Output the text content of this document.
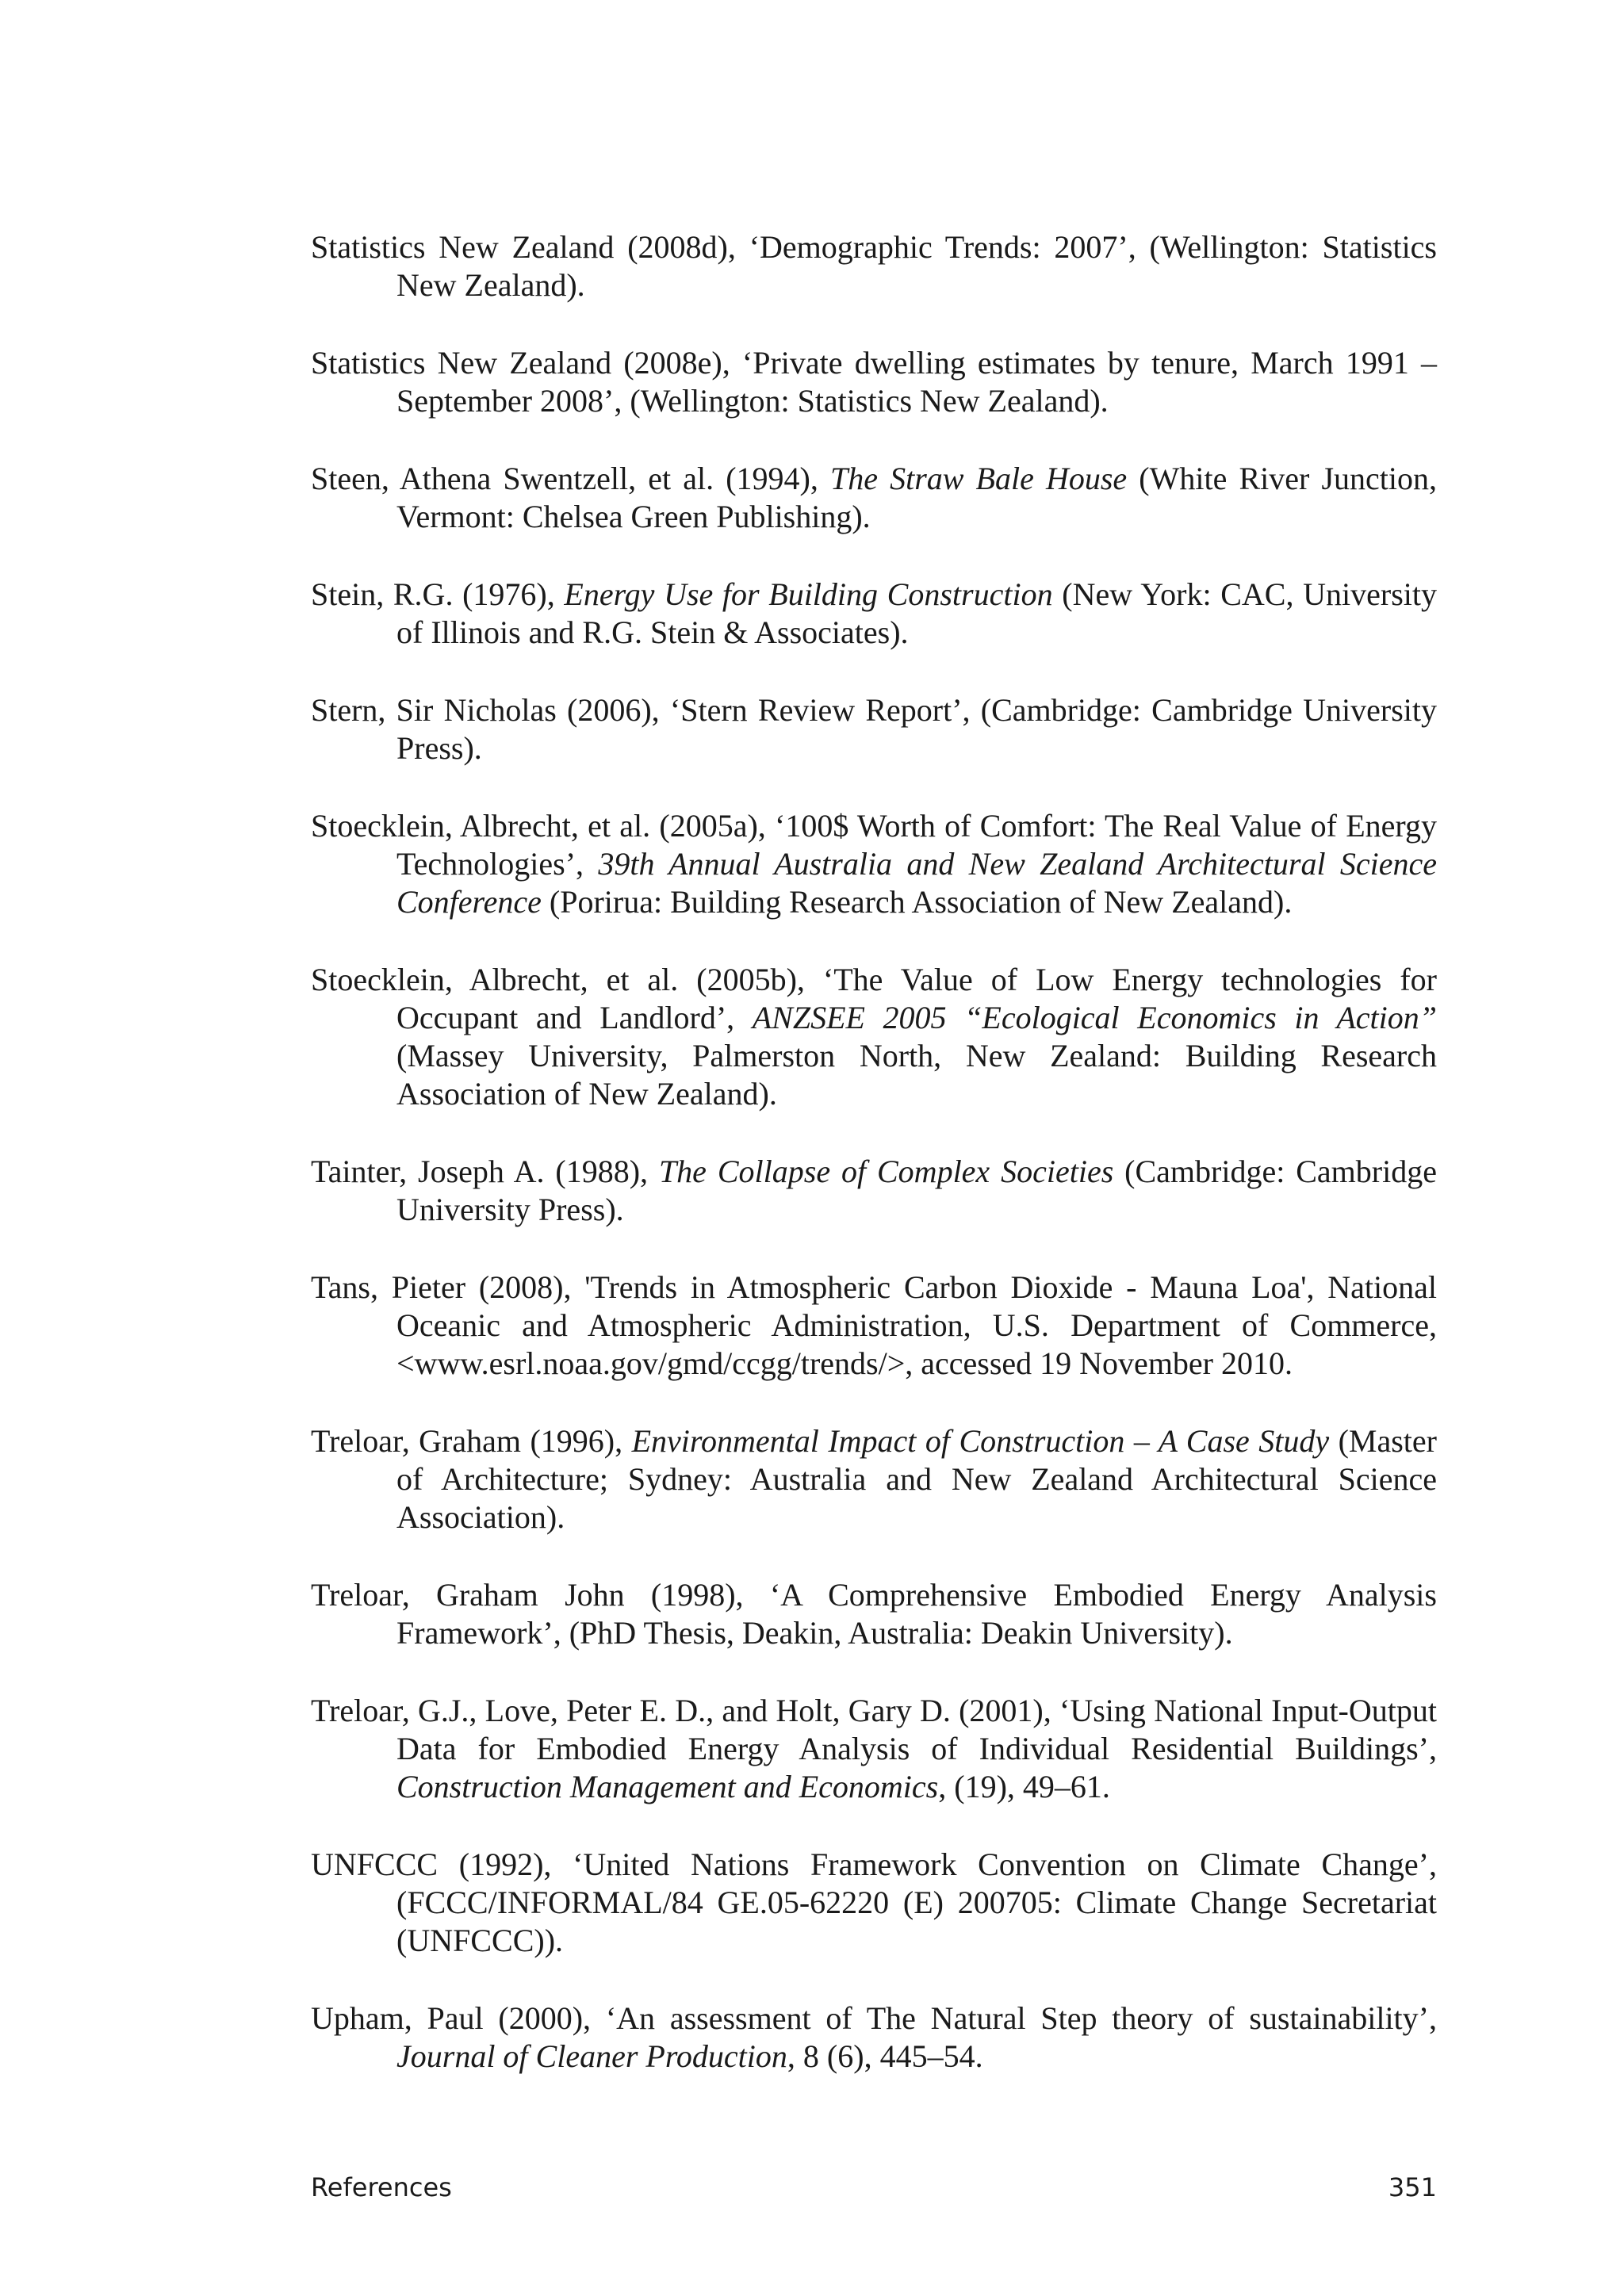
Statistics New Zealand (2008d), ‘Demographic Trends: 2007’, (Wellington: Statistics New Zealand).

Statistics New Zealand (2008e), ‘Private dwelling estimates by tenure, March 1991 – September 2008’, (Wellington: Statistics New Zealand).

Steen, Athena Swentzell, et al. (1994), The Straw Bale House (White River Junction, Vermont: Chelsea Green Publishing).

Stein, R.G. (1976), Energy Use for Building Construction (New York: CAC, University of Illinois and R.G. Stein & Associates).

Stern, Sir Nicholas (2006), ‘Stern Review Report’, (Cambridge: Cambridge University Press).

Stoecklein, Albrecht, et al. (2005a), ‘100$ Worth of Comfort: The Real Value of Energy Technologies’, 39th Annual Australia and New Zealand Architectural Science Conference (Porirua: Building Research Association of New Zealand).

Stoecklein, Albrecht, et al. (2005b), ‘The Value of Low Energy technologies for Occupant and Landlord’, ANZSEE 2005 “Ecological Economics in Action” (Massey University, Palmerston North, New Zealand: Building Research Association of New Zealand).

Tainter, Joseph A. (1988), The Collapse of Complex Societies (Cambridge: Cambridge University Press).

Tans, Pieter (2008), 'Trends in Atmospheric Carbon Dioxide - Mauna Loa', National Oceanic and Atmospheric Administration, U.S. Department of Commerce, <www.esrl.noaa.gov/gmd/ccgg/trends/>, accessed 19 November 2010.

Treloar, Graham (1996), Environmental Impact of Construction – A Case Study (Master of Architecture; Sydney: Australia and New Zealand Architectural Science Association).

Treloar, Graham John (1998), ‘A Comprehensive Embodied Energy Analysis Framework’, (PhD Thesis, Deakin, Australia: Deakin University).

Treloar, G.J., Love, Peter E. D., and Holt, Gary D. (2001), ‘Using National Input-Output Data for Embodied Energy Analysis of Individual Residential Buildings’, Construction Management and Economics, (19), 49–61.

UNFCCC (1992), ‘United Nations Framework Convention on Climate Change’, (FCCC/INFORMAL/84 GE.05-62220 (E) 200705: Climate Change Secretariat (UNFCCC)).

Upham, Paul (2000), ‘An assessment of The Natural Step theory of sustainability’, Journal of Cleaner Production, 8 (6), 445–54.

References	351
